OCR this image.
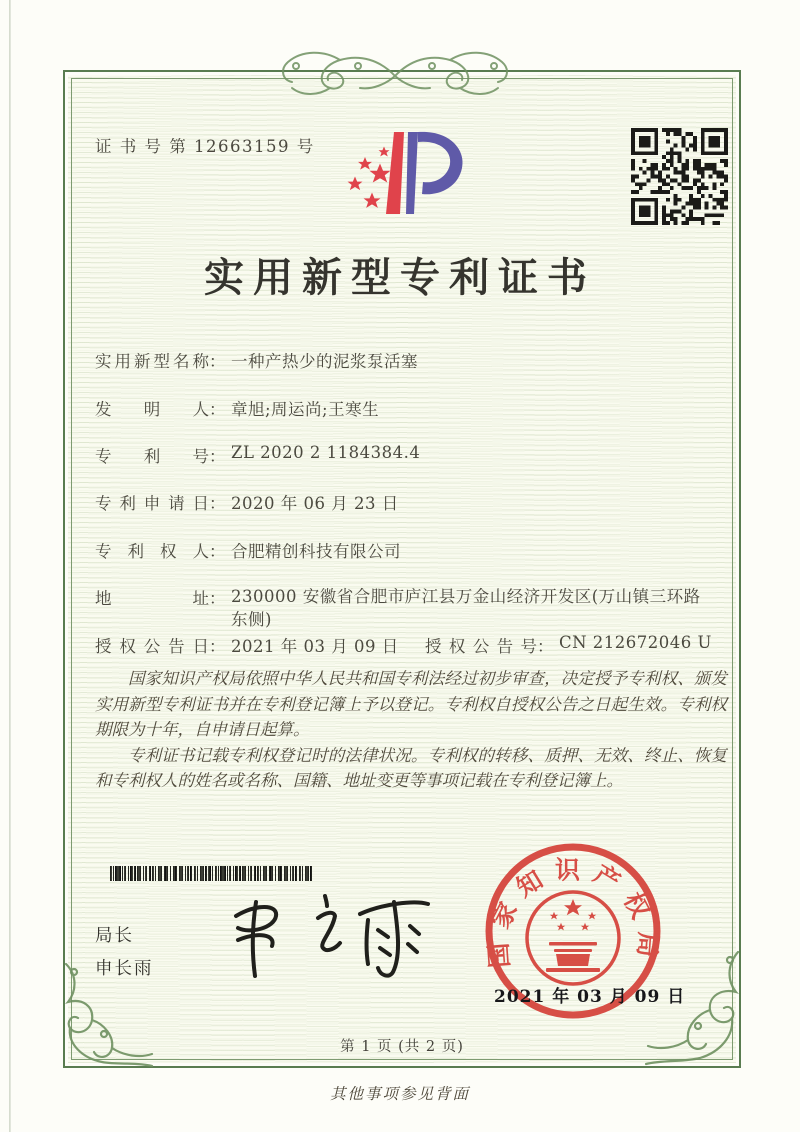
证 书 号 第 12663159 号
实用新型专利证书
实用新型名称： 一种产热少的泥浆泵活塞
发明人： 章旭;周运尚;王寒生
专利号： ZL 2020 2 1184384.4
专利申请日： 2020 年 06 月 23 日
专利权人： 合肥精创科技有限公司
地址： 230000 安徽省合肥市庐江县万金山经济开发区(万山镇三环路东侧)
授权公告日： 2021 年 03 月 09 日 授权公告号： CN 212672046 U

国家知识产权局依照中华人民共和国专利法经过初步审查，决定授予专利权、颁发实用新型专利证书并在专利登记簿上予以登记。专利权自授权公告之日起生效。专利权期限为十年，自申请日起算。

专利证书记载专利权登记时的法律状况。专利权的转移、质押、无效、终止、恢复和专利权人的姓名或名称、国籍、地址变更等事项记载在专利登记簿上。

局长
申长雨
国家知识产权局
2021 年 03 月 09 日
第 1 页 (共 2 页)
其他事项参见背面
